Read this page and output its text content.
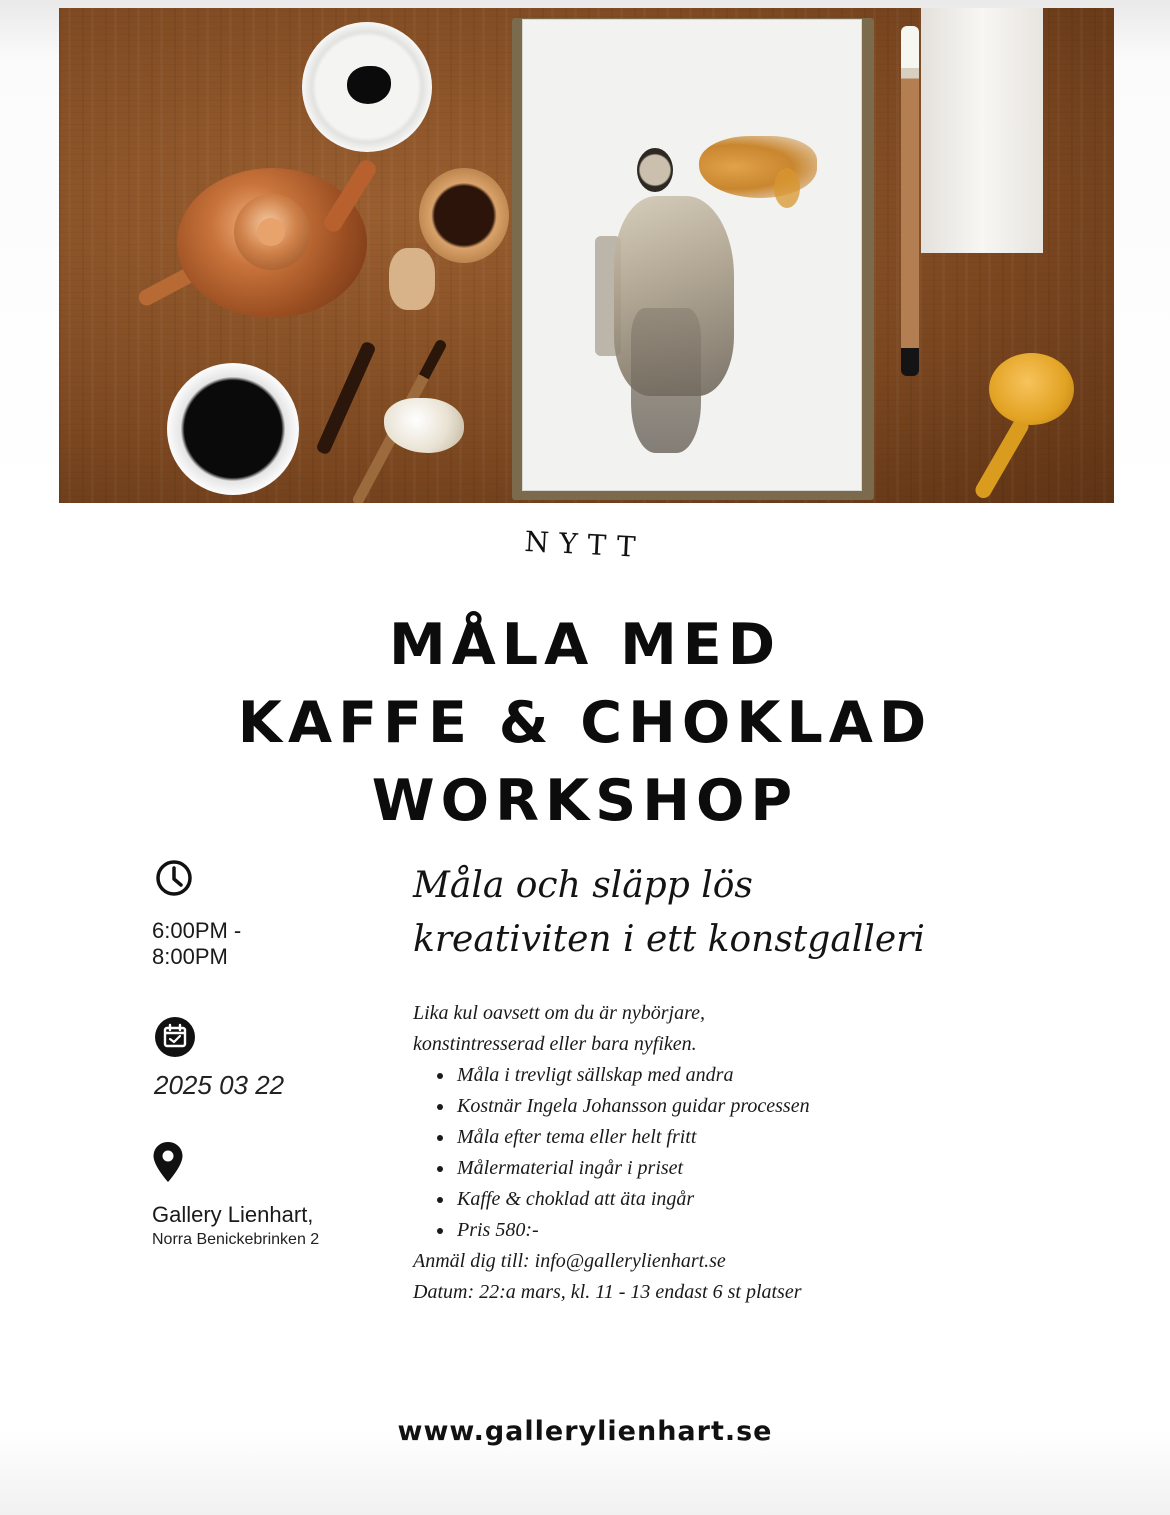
NYTT
MÅLA MED
KAFFE & CHOKLAD
WORKSHOP
6:00PM -
8:00PM
2025 03 22
Gallery Lienhart,
Norra Benickebrinken 2
Måla och släpp lös
kreativiten i ett konstgalleri
Lika kul oavsett om du är nybörjare,
konstintresserad eller bara nyfiken.
• Måla i trevligt sällskap med andra
• Kostnär Ingela Johansson guidar processen
• Måla efter tema eller helt fritt
• Målermaterial ingår i priset
• Kaffe & choklad att äta ingår
• Pris 580:-
Anmäl dig till: info@gallerylienhart.se
Datum: 22:a mars, kl. 11 - 13 endast 6 st platser
www.gallerylienhart.se
